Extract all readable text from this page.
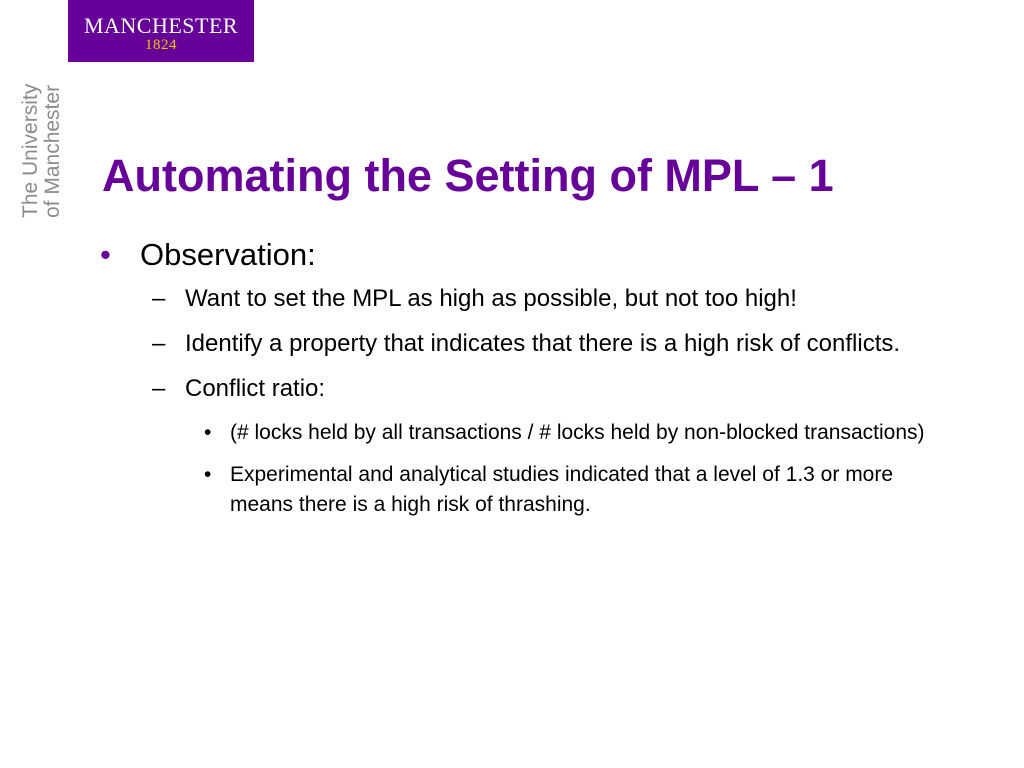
MANCHESTER
1824
The University of Manchester Automating the Setting of MPL – 1
• Observation:
– Want to set the MPL as high as possible, but not too high!
– Identify a property that indicates that there is a high risk of conflicts.
– Conflict ratio:
• (# locks held by all transactions / # locks held by non-blocked transactions)
• Experimental and analytical studies indicated that a level of 1.3 or more means there is a high risk of thrashing.
